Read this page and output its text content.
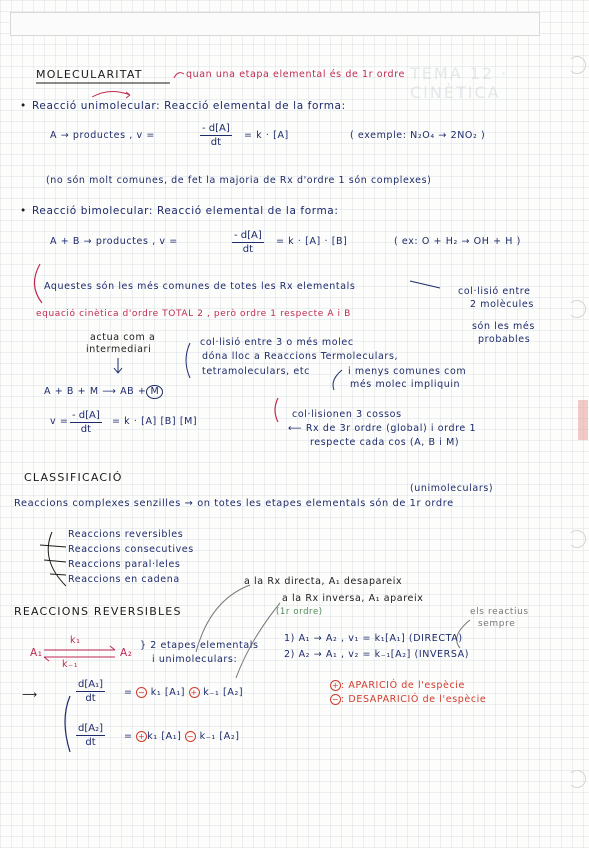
TEMA 12 · CINÈTICA
MOLECULARITAT	quan una etapa elemental és de 1r ordre
• Reacció unimolecular: Reacció elemental de la forma:
A → productes , v =	$\frac{- d[A]}{dt} = k \cdot [A]$	( exemple: N₂O₄ → 2NO₂ )
(no són molt comunes, de fet la majoria de Rx d'ordre 1 són complexes)
• Reacció bimolecular: Reacció elemental de la forma:
A + B → productes , v =	$\frac{- d[A]}{dt} = k \cdot [A] \cdot [B]$	( ex: O + H₂ → OH + H )
Aquestes són les més comunes de totes les Rx elementals
equació cinètica d'ordre TOTAL 2 , però ordre 1 respecte A i B
col·lisió entre
2 molècules
són les més
probables
actua com a
intermediari
col·lisió entre 3 o més molec
dóna lloc a Reaccions Termoleculars,
tetramoleculars, etc	i menys comunes com
més molec impliquin
A + B + M ⟶ AB + M
$v = \frac{- d[A]}{dt} = k \cdot [A]$ [B] [M]
col·lisionen 3 cossos
⟵ Rx de 3r ordre (global) i ordre 1
respecte cada cos (A, B i M)
CLASSIFICACIÓ
(unimoleculars)
Reaccions complexes senzilles → on totes les etapes elementals són de 1r ordre
Reaccions reversibles
Reaccions consecutives
Reaccions paral·leles
Reaccions en cadena	a la Rx directa, A₁ desapareix
a la Rx inversa, A₁ apareix
(1r ordre)
REACCIONS REVERSIBLES	els reactius
sempre
A₁
k₁
k₋₁
A₂
} 2 etapes elementals
i unimoleculars:
1) A₁ → A₂ , v₁ = k₁[A₁] (DIRECTA)
2) A₂ → A₁ , v₂ = k₋₁[A₂] (INVERSA)
⟶	$\frac{\text{d[A₁]}}{dt}$ = − k₁ [A₁] + k₋₁ [A₂]
$\frac{\text{d[A₂]}}{dt}$ = + k₁ [A₁] − k₋₁ [A₂]
+ : APARICIÓ de l'espècie
− : DESAPARICIÓ de l'espècie
